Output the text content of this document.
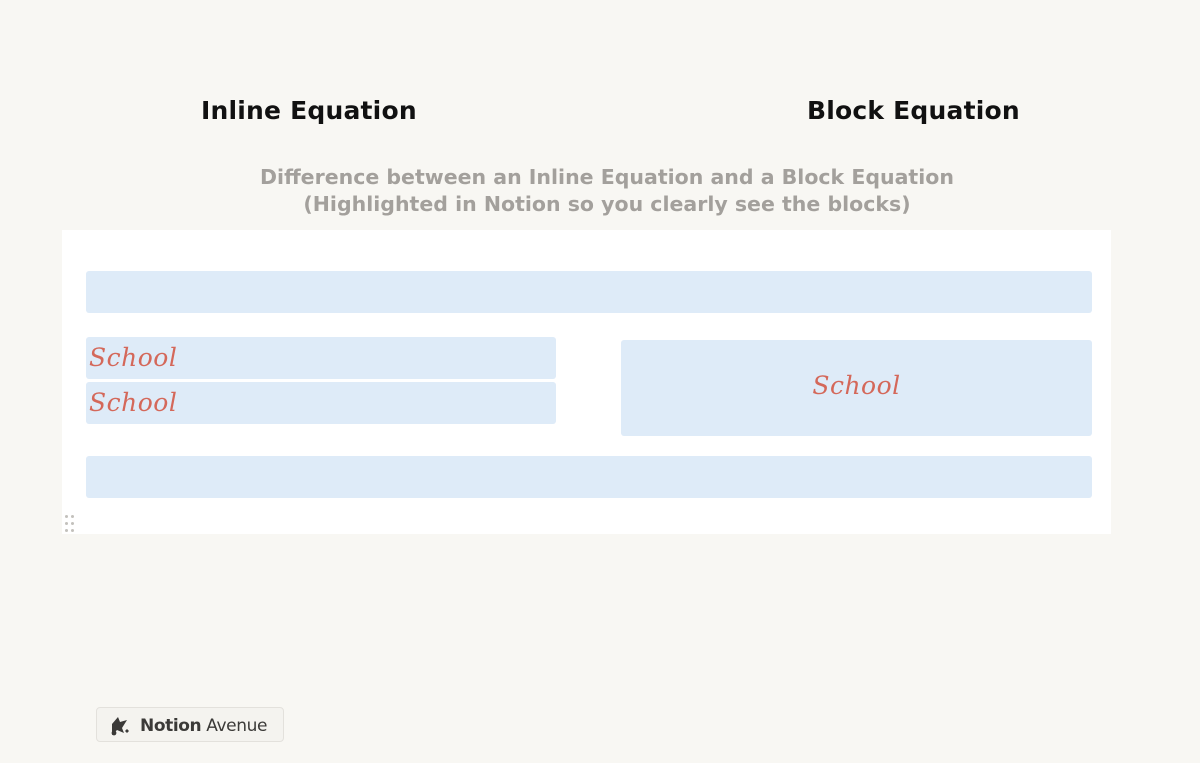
Inline Equation	Block Equation
Difference between an Inline Equation and a Block Equation
(Highlighted in Notion so you clearly see the blocks)
School
School
School
Notion Avenue
